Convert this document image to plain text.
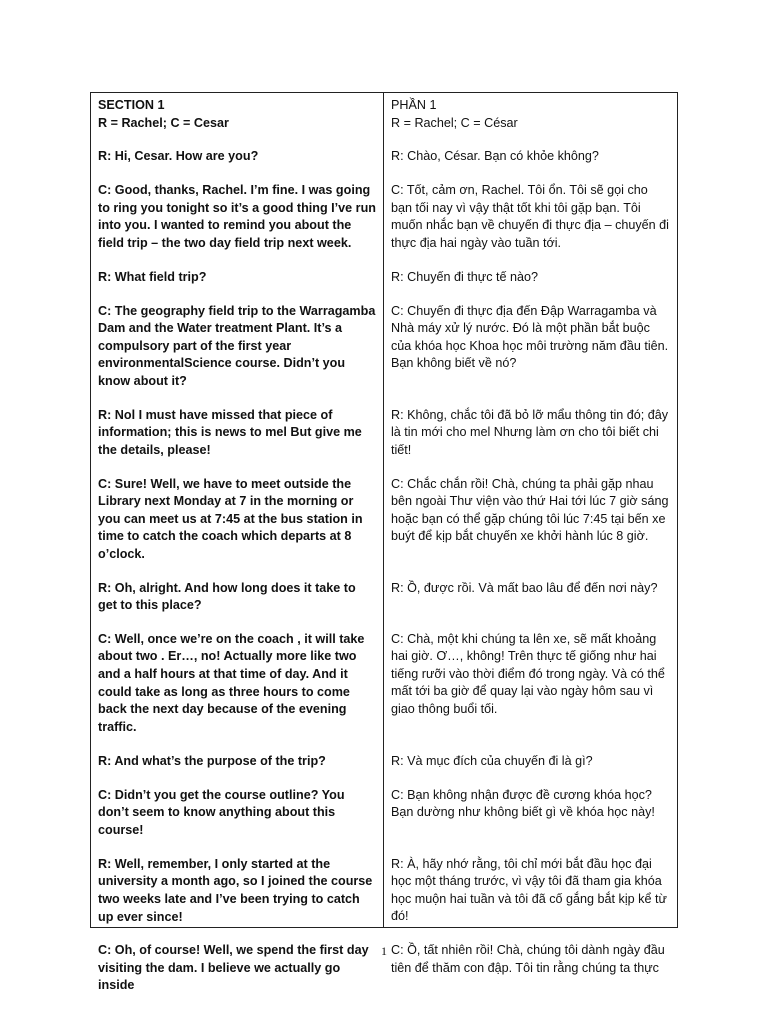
SECTION 1

R = Rachel; C = Cesar

R: Hi, Cesar. How are you?

C: Good, thanks, Rachel. I’m fine. I was going to ring you tonight so it’s a good thing I’ve run into you. I wanted to remind you about the field trip – the two day field trip next week.

R: What field trip?

C: The geography field trip to the Warragamba Dam and the Water treatment Plant. It’s a compulsory part of the first year environmentalScience course. Didn’t you know about it?

R: Nol I must have missed that piece of information; this is news to mel But give me the details, please!

C: Sure! Well, we have to meet outside the Library next Monday at 7 in the morning or you can meet us at 7:45 at the bus station in time to catch the coach which departs at 8 o’clock.

R: Oh, alright. And how long does it take to get to this place?

C: Well, once we’re on the coach , it will take about two . Er…, no! Actually more like two and a half hours at that time of day. And it could take as long as three hours to come back the next day because of the evening traffic.

R: And what’s the purpose of the trip?

C: Didn’t you get the course outline? You don’t seem to know anything about this course!

R: Well, remember, I only started at the university a month ago, so I joined the course two weeks late and I’ve been trying to catch up ever since!

C: Oh, of course! Well, we spend the first day visiting the dam. I believe we actually go inside

PHẦN 1

R = Rachel; C = César

R: Chào, César. Bạn có khỏe không?

C: Tốt, cảm ơn, Rachel. Tôi ổn. Tôi sẽ gọi cho bạn tối nay vì vậy thật tốt khi tôi gặp bạn. Tôi muốn nhắc bạn về chuyến đi thực địa – chuyến đi thực địa hai ngày vào tuần tới.

R: Chuyến đi thực tế nào?

C: Chuyến đi thực địa đến Đập Warragamba và Nhà máy xử lý nước. Đó là một phần bắt buộc của khóa học Khoa học môi trường năm đầu tiên. Bạn không biết về nó?

R: Không, chắc tôi đã bỏ lỡ mẩu thông tin đó; đây là tin mới cho mel Nhưng làm ơn cho tôi biết chi tiết!

C: Chắc chắn rồi! Chà, chúng ta phải gặp nhau bên ngoài Thư viện vào thứ Hai tới lúc 7 giờ sáng hoặc bạn có thể gặp chúng tôi lúc 7:45 tại bến xe buýt để kịp bắt chuyến xe khởi hành lúc 8 giờ.

R: Ồ, được rồi. Và mất bao lâu để đến nơi này?

C: Chà, một khi chúng ta lên xe, sẽ mất khoảng hai giờ. Ơ…, không! Trên thực tế giống như hai tiếng rưỡi vào thời điểm đó trong ngày. Và có thể mất tới ba giờ để quay lại vào ngày hôm sau vì giao thông buổi tối.

R: Và mục đích của chuyến đi là gì?

C: Bạn không nhận được đề cương khóa học? Bạn dường như không biết gì về khóa học này!

R: À, hãy nhớ rằng, tôi chỉ mới bắt đầu học đại học một tháng trước, vì vậy tôi đã tham gia khóa học muộn hai tuần và tôi đã cố gắng bắt kịp kể từ đó!

C: Ồ, tất nhiên rồi! Chà, chúng tôi dành ngày đầu tiên để thăm con đập. Tôi tin rằng chúng ta thực

1
